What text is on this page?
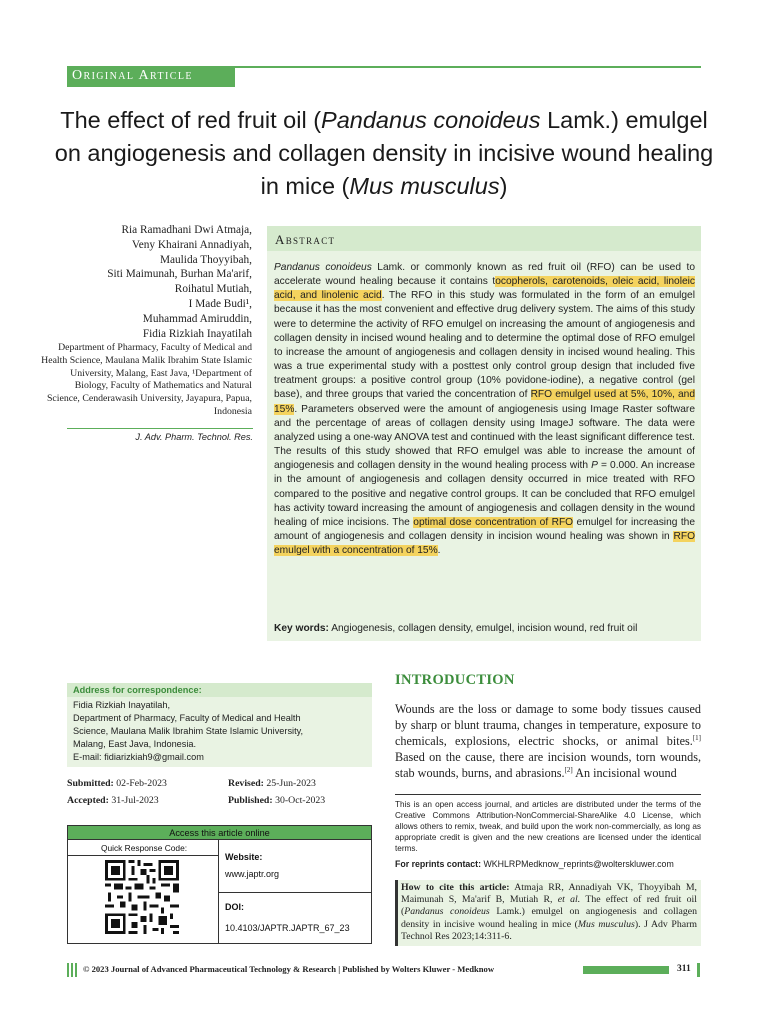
Original Article
The effect of red fruit oil (Pandanus conoideus Lamk.) emulgel on angiogenesis and collagen density in incisive wound healing in mice (Mus musculus)
Ria Ramadhani Dwi Atmaja,
Veny Khairani Annadiyah,
Maulida Thoyyibah,
Siti Maimunah, Burhan Ma'arif,
Roihatul Mutiah,
I Made Budi¹,
Muhammad Amiruddin,
Fidia Rizkiah Inayatilah
Department of Pharmacy, Faculty of Medical and Health Science, Maulana Malik Ibrahim State Islamic University, Malang, East Java, ¹Department of Biology, Faculty of Mathematics and Natural Science, Cenderawasih University, Jayapura, Papua, Indonesia
J. Adv. Pharm. Technol. Res.
Abstract
Pandanus conoideus Lamk. or commonly known as red fruit oil (RFO) can be used to accelerate wound healing because it contains tocopherols, carotenoids, oleic acid, linoleic acid, and linolenic acid. The RFO in this study was formulated in the form of an emulgel because it has the most convenient and effective drug delivery system. The aims of this study were to determine the activity of RFO emulgel on increasing the amount of angiogenesis and collagen density in incised wound healing and to determine the optimal dose of RFO emulgel to increase the amount of angiogenesis and collagen density in incised wound healing. This was a true experimental study with a posttest only control group design that included five treatment groups: a positive control group (10% povidone-iodine), a negative control (gel base), and three groups that varied the concentration of RFO emulgel used at 5%, 10%, and 15%. Parameters observed were the amount of angiogenesis using Image Raster software and the percentage of areas of collagen density using ImageJ software. The data were analyzed using a one-way ANOVA test and continued with the least significant difference test. The results of this study showed that RFO emulgel was able to increase the amount of angiogenesis and collagen density in the wound healing process with P = 0.000. An increase in the amount of angiogenesis and collagen density occurred in mice treated with RFO compared to the positive and negative control groups. It can be concluded that RFO emulgel has activity toward increasing the amount of angiogenesis and collagen density in the wound healing of mice incisions. The optimal dose concentration of RFO emulgel for increasing the amount of angiogenesis and collagen density in incision wound healing was shown in RFO emulgel with a concentration of 15%.
Key words: Angiogenesis, collagen density, emulgel, incision wound, red fruit oil
Address for correspondence:
Fidia Rizkiah Inayatilah,
Department of Pharmacy, Faculty of Medical and Health
Science, Maulana Malik Ibrahim State Islamic University,
Malang, East Java, Indonesia.
E-mail: fidiarizkiah9@gmail.com
Submitted: 02-Feb-2023	Revised: 25-Jun-2023
Accepted: 31-Jul-2023	Published: 30-Oct-2023
Access this article online
Quick Response Code:
Website:
www.japtr.org
DOI:
10.4103/JAPTR.JAPTR_67_23
INTRODUCTION
Wounds are the loss or damage to some body tissues caused by sharp or blunt trauma, changes in temperature, exposure to chemicals, explosions, electric shocks, or animal bites.[1] Based on the cause, there are incision wounds, torn wounds, stab wounds, burns, and abrasions.[2] An incisional wound
This is an open access journal, and articles are distributed under the terms of the Creative Commons Attribution-NonCommercial-ShareAlike 4.0 License, which allows others to remix, tweak, and build upon the work non-commercially, as long as appropriate credit is given and the new creations are licensed under the identical terms.
For reprints contact: WKHLRPMedknow_reprints@wolterskluwer.com
How to cite this article: Atmaja RR, Annadiyah VK, Thoyyibah M, Maimunah S, Ma'arif B, Mutiah R, et al. The effect of red fruit oil (Pandanus conoideus Lamk.) emulgel on angiogenesis and collagen density in incisive wound healing in mice (Mus musculus). J Adv Pharm Technol Res 2023;14:311-6.
© 2023 Journal of Advanced Pharmaceutical Technology & Research | Published by Wolters Kluwer - Medknow	311
